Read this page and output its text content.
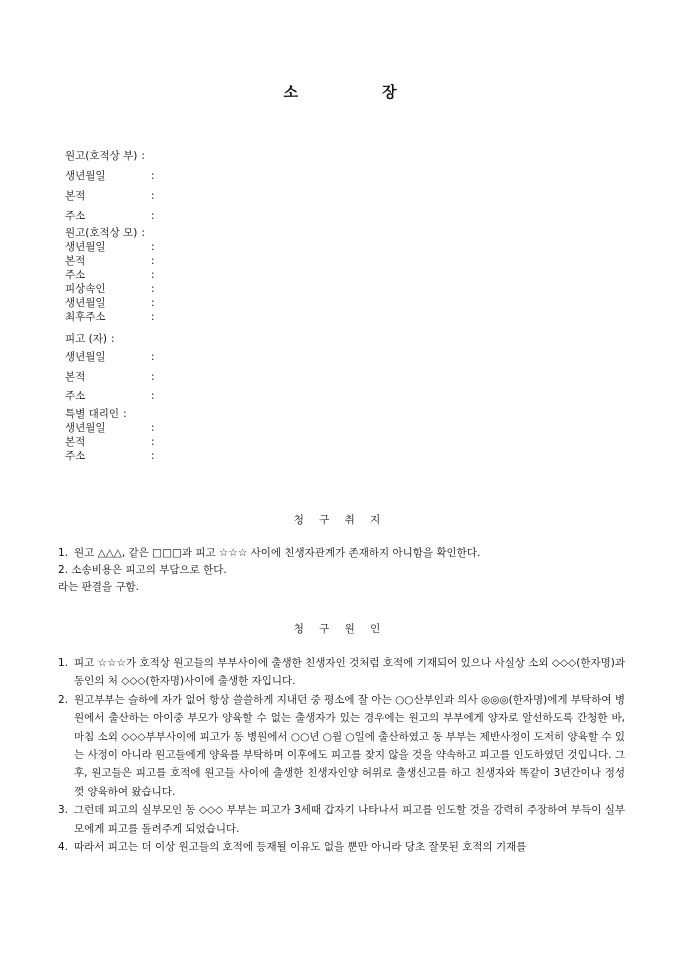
소	장
원고(호적상 부) :
생년월일	:
본적	:
주소	:
원고(호적상 모) :
생년월일	:
본적	:
주소	:
피상속인	:
생년월일	:
최후주소	:
피고 (자) :
생년월일	:
본적	:
주소	:
특별 대리인 :
생년월일	:
본적	:
주소	:
청 구 취 지
1. 원고 △△△, 같은 □□□과 피고 ☆☆☆ 사이에 친생자관계가 존재하지 아니함을 확인한다.
2. 소송비용은 피고의 부담으로 한다.
라는 판결을 구함.
청 구 원 인
1. 피고 ☆☆☆가 호적상 원고들의 부부사이에 출생한 친생자인 것처럼 호적에 기재되어 있으나 사실상 소외 ◇◇◇(한자명)과 동인의 처 ◇◇◇(한자명)사이에 출생한 자입니다.
2. 원고부부는 슬하에 자가 없어 항상 쓸쓸하게 지내던 중 평소에 잘 아는 ○○산부인과 의사 ◎◎◎(한자명)에게 부탁하여 병원에서 출산하는 아이중 부모가 양육할 수 없는 출생자가 있는 경우에는 원고의 부부에게 양자로 알선하도록 간청한 바, 마침 소외 ◇◇◇부부사이에 피고가 동 병원에서 ○○년 ○월 ○일에 출산하였고 동 부부는 제반사정이 도저히 양육할 수 있는 사정이 아니라 원고들에게 양육를 부탁하며 이후에도 피고를 찾지 않을 것을 약속하고 피고를 인도하였던 것입니다. 그 후, 원고들은 피고를 호적에 원고들 사이에 출생한 친생자인양 허위로 출생신고를 하고 친생자와 똑같이 3년간이나 정성껏 양육하여 왔습니다.
3. 그런데 피고의 실부모인 동 ◇◇◇ 부부는 피고가 3세때 갑자기 나타나서 피고를 인도할 것을 강력히 주장하여 부득이 실부모에게 피고를 돌려주게 되었습니다.
4. 따라서 피고는 더 이상 원고들의 호적에 등재될 이유도 없을 뿐만 아니라 당초 잘못된 호적의 기재를
